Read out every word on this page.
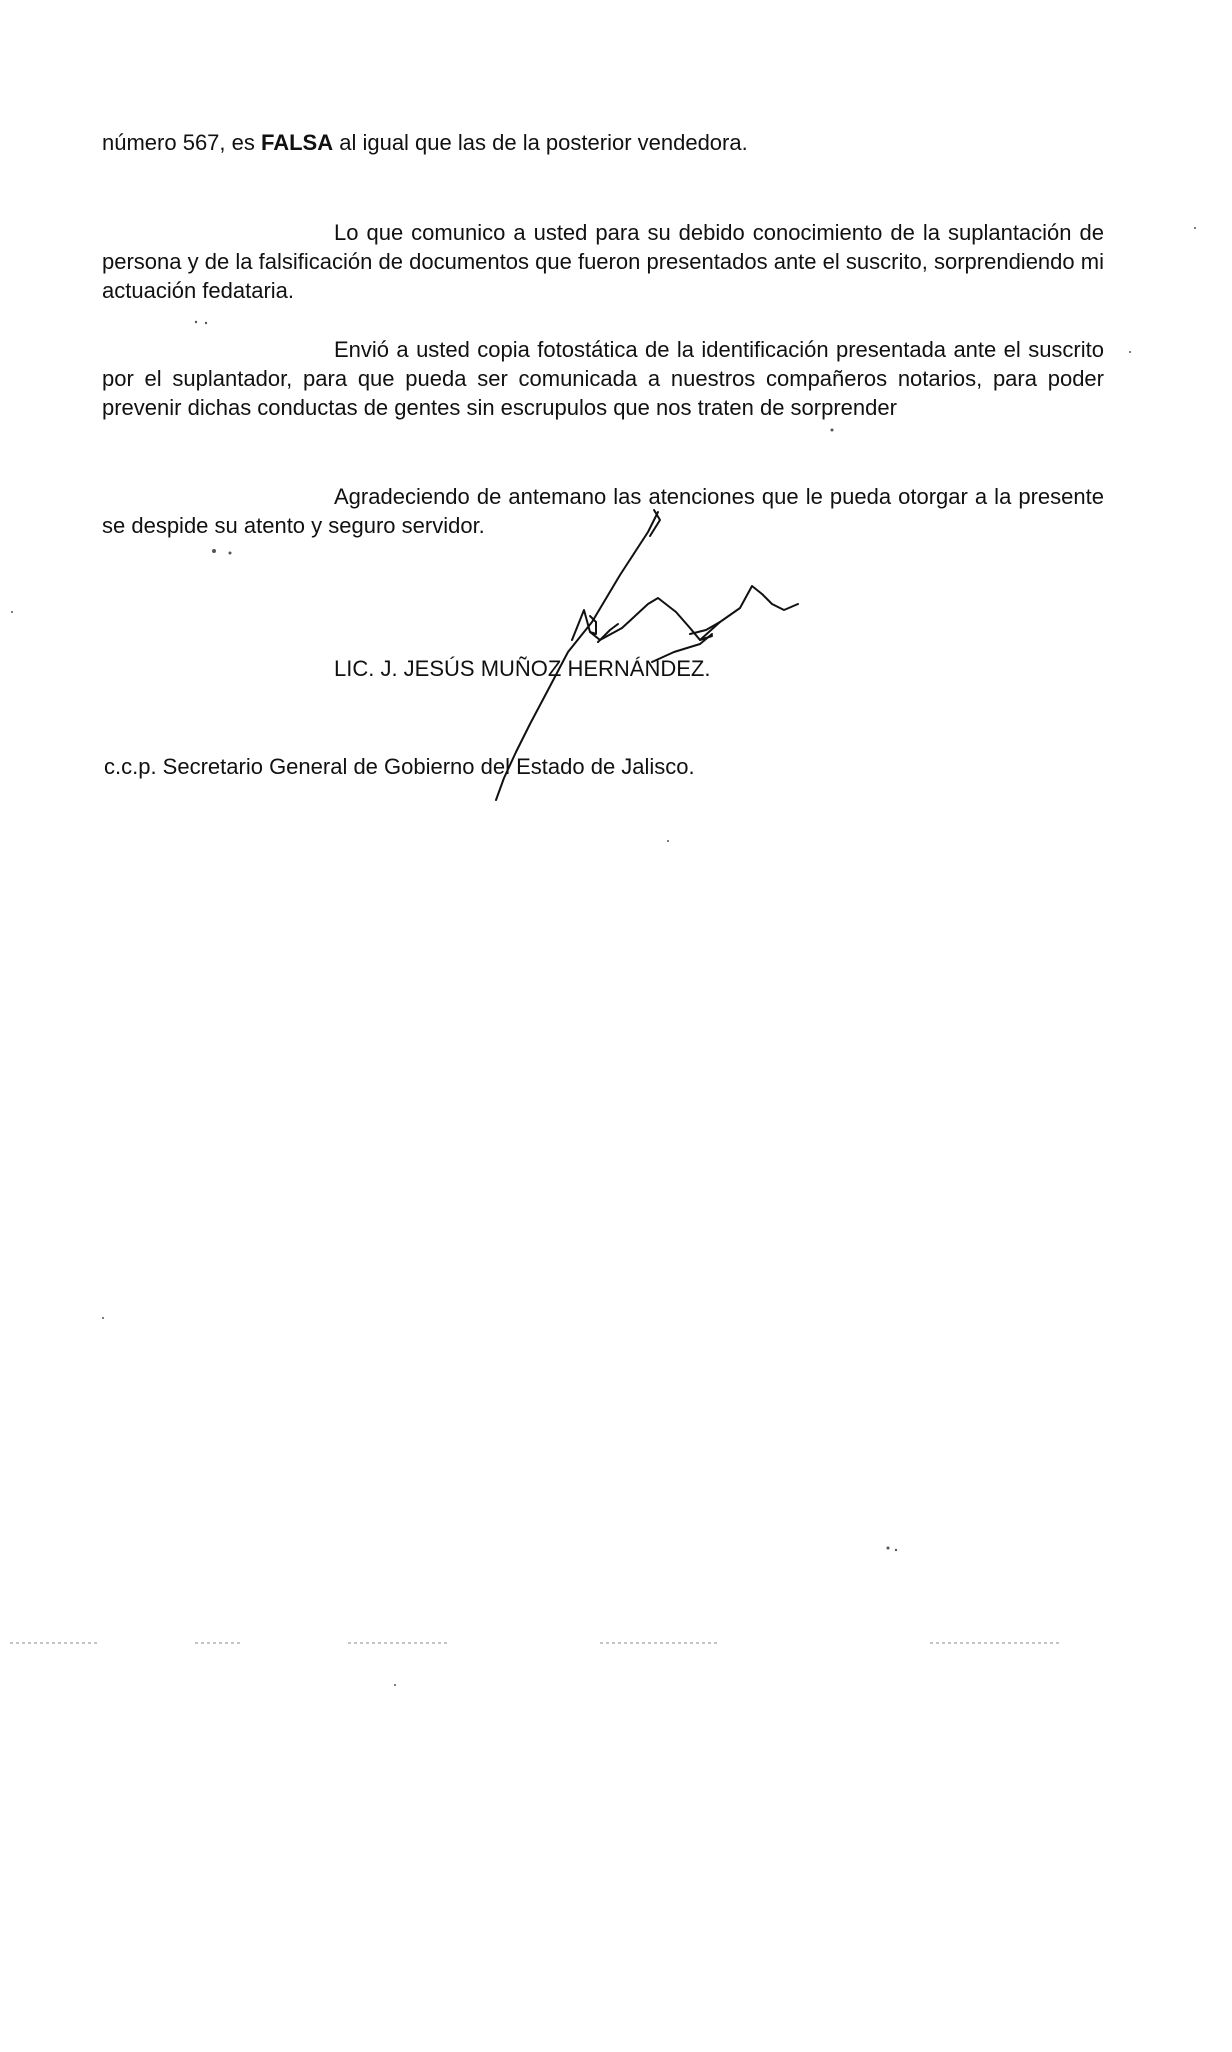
número 567, es FALSA al igual que las de la posterior vendedora.

Lo que comunico a usted para su debido conocimiento de la suplantación de persona y de la falsificación de documentos que fueron presentados ante el suscrito, sorprendiendo mi actuación fedataria.

Envió a usted copia fotostática de la identificación presentada ante el suscrito por el suplantador, para que pueda ser comunicada a nuestros compañeros notarios, para poder prevenir dichas conductas de gentes sin escrupulos que nos traten de sorprender

Agradeciendo de antemano las atenciones que le pueda otorgar a la presente se despide su atento y seguro servidor.

LIC. J. JESÚS MUÑOZ HERNÁNDEZ.

c.c.p. Secretario General de Gobierno del Estado de Jalisco.
